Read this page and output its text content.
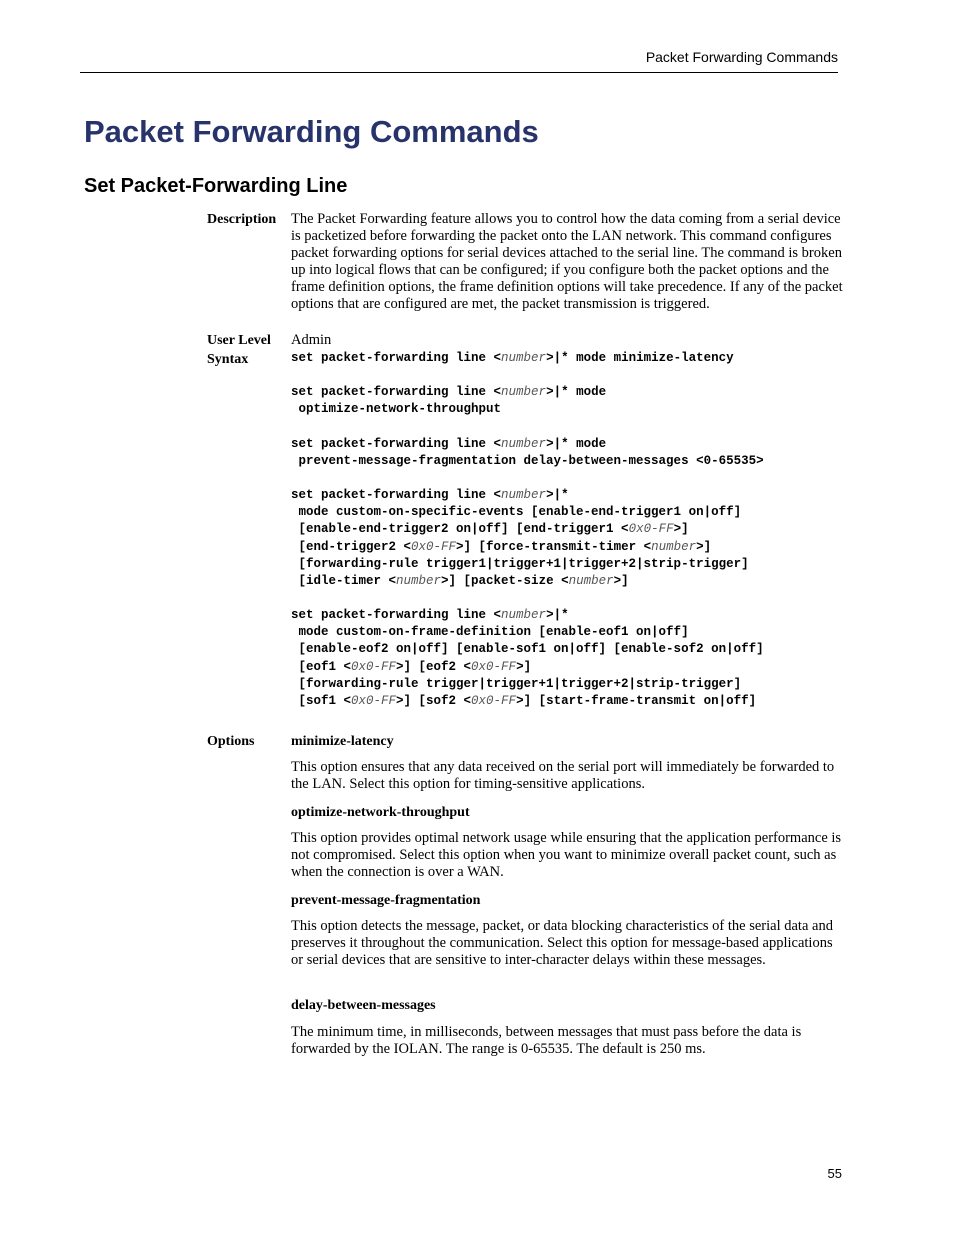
Packet Forwarding Commands
Packet Forwarding Commands
Set Packet-Forwarding Line
Description The Packet Forwarding feature allows you to control how the data coming from a serial device is packetized before forwarding the packet onto the LAN network. This command configures packet forwarding options for serial devices attached to the serial line. The command is broken up into logical flows that can be configured; if you configure both the packet options and the frame definition options, the frame definition options will take precedence. If any of the packet options that are configured are met, the packet transmission is triggered.
User Level Admin
Syntax	set packet-forwarding line <number>|* mode minimize-latency
set packet-forwarding line <number>|* mode
optimize-network-throughput
set packet-forwarding line <number>|* mode
prevent-message-fragmentation delay-between-messages <0-65535>
set packet-forwarding line <number>|*
mode custom-on-specific-events [enable-end-trigger1 on|off]
[enable-end-trigger2 on|off] [end-trigger1 <0x0-FF>]
[end-trigger2 <0x0-FF>] [force-transmit-timer <number>]
[forwarding-rule trigger1|trigger+1|trigger+2|strip-trigger]
[idle-timer <number>] [packet-size <number>]
set packet-forwarding line <number>|*
mode custom-on-frame-definition [enable-eof1 on|off]
[enable-eof2 on|off] [enable-sof1 on|off] [enable-sof2 on|off]
[eof1 <0x0-FF>] [eof2 <0x0-FF>]
[forwarding-rule trigger|trigger+1|trigger+2|strip-trigger]
[sof1 <0x0-FF>] [sof2 <0x0-FF>] [start-frame-transmit on|off]
Options	minimize-latency
This option ensures that any data received on the serial port will immediately be forwarded to the LAN. Select this option for timing-sensitive applications.
optimize-network-throughput
This option provides optimal network usage while ensuring that the application performance is not compromised. Select this option when you want to minimize overall packet count, such as when the connection is over a WAN.
prevent-message-fragmentation
This option detects the message, packet, or data blocking characteristics of the serial data and preserves it throughout the communication. Select this option for message-based applications or serial devices that are sensitive to inter-character delays within these messages.
delay-between-messages
The minimum time, in milliseconds, between messages that must pass before the data is forwarded by the IOLAN. The range is 0-65535. The default is 250 ms.
55
